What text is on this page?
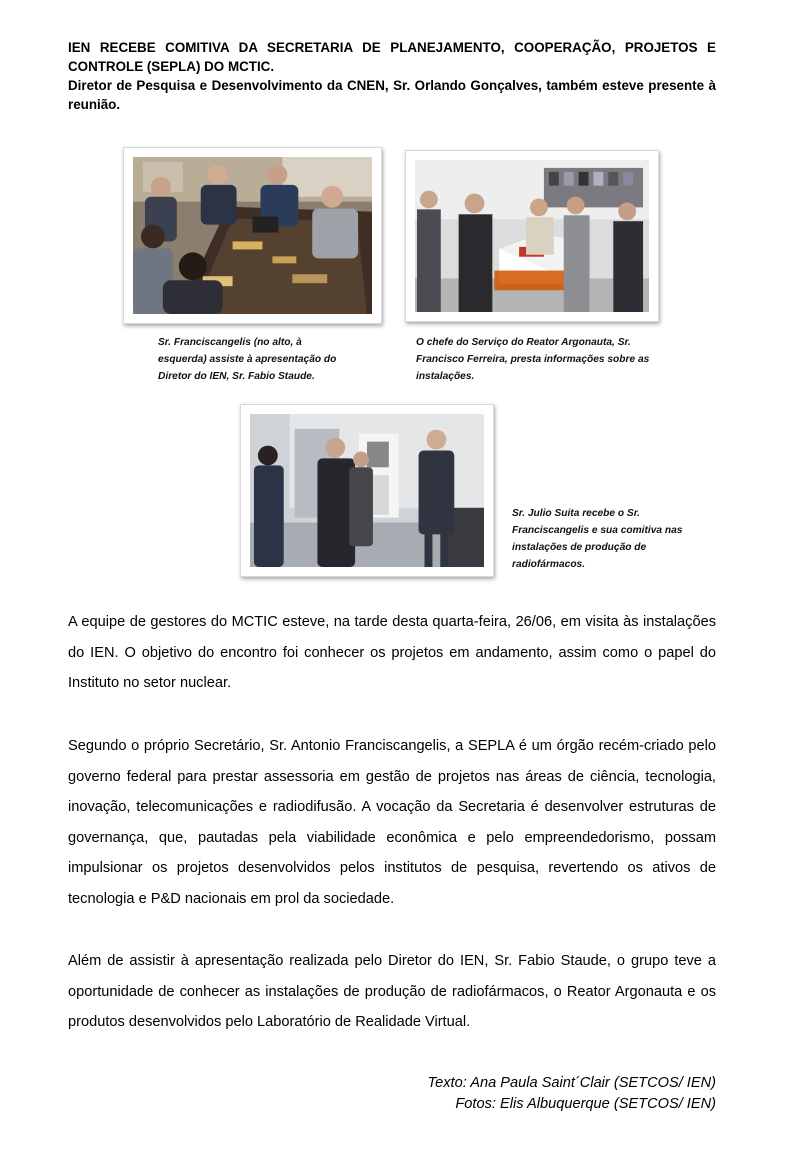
IEN RECEBE COMITIVA DA SECRETARIA DE PLANEJAMENTO, COOPERAÇÃO, PROJETOS E CONTROLE (SEPLA) DO MCTIC.

Diretor de Pesquisa e Desenvolvimento da CNEN, Sr. Orlando Gonçalves, também esteve presente à reunião.

Sr. Franciscangelis (no alto, à esquerda) assiste à apresentação do Diretor do IEN, Sr. Fabio Staude.
O chefe do Serviço do Reator Argonauta, Sr. Francisco Ferreira, presta informações sobre as instalações.
Sr. Julio Suita recebe o Sr. Franciscangelis e sua comitiva nas instalações de produção de radiofármacos.

A equipe de gestores do MCTIC esteve, na tarde desta quarta-feira, 26/06, em visita às instalações do IEN. O objetivo do encontro foi conhecer os projetos em andamento, assim como o papel do Instituto no setor nuclear.

Segundo o próprio Secretário, Sr. Antonio Franciscangelis, a SEPLA é um órgão recém-criado pelo governo federal para prestar assessoria em gestão de projetos nas áreas de ciência, tecnologia, inovação, telecomunicações e radiodifusão. A vocação da Secretaria é desenvolver estruturas de governança, que, pautadas pela viabilidade econômica e pelo empreendedorismo, possam impulsionar os projetos desenvolvidos pelos institutos de pesquisa, revertendo os ativos de tecnologia e P&D nacionais em prol da sociedade.

Além de assistir à apresentação realizada pelo Diretor do IEN, Sr. Fabio Staude, o grupo teve a oportunidade de conhecer as instalações de produção de radiofármacos, o Reator Argonauta e os produtos desenvolvidos pelo Laboratório de Realidade Virtual.

Texto: Ana Paula Saint´Clair (SETCOS/ IEN)
Fotos: Elis Albuquerque (SETCOS/ IEN)
